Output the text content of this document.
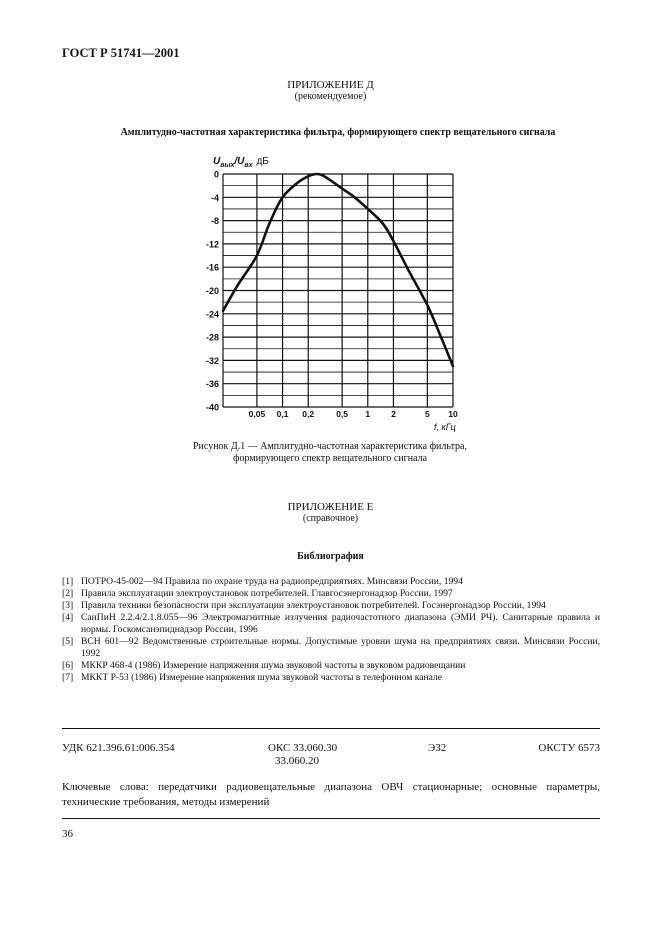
ГОСТ Р 51741—2001
ПРИЛОЖЕНИЕ Д
(рекомендуемое)
Амплитудно-частотная характеристика фильтра, формирующего спектр вещательного сигнала
$U_{вых}/U_{вх}$ дБ
0
-4
-8
-12
-16
-20
-24
-28
-32
-36
-40
0,05 0,1 0,2	0,5 1 2	5 10
f, кГц
Рисунок Д.1 — Амплитудно-частотная характеристика фильтра,
формирующего спектр вещательного сигнала
ПРИЛОЖЕНИЕ Е
(справочное)
Библиография
[1] ПОТРО-45-002—94 Правила по охране труда на радиопредприятиях. Минсвязи России, 1994
[2] Правила эксплуатации электроустановок потребителей. Главгосэнергонадзор России, 1997
[3] Правила техники безопасности при эксплуатации электроустановок потребителей. Госэнергонадзор России, 1994
[4] СанПиН 2.2.4/2.1.8.055—96 Электромагнитные излучения радиочастотного диапазона (ЭМИ РЧ). Санитарные правила и нормы. Госкомсанэпиднадзор России, 1996
[5] ВСН 601—92 Ведомственные строительные нормы. Допустимые уровни шума на предприятиях связи. Минсвязи России, 1992
[6] МККР 468-4 (1986) Измерение напряжения шума звуковой частоты в звуковом радиовещании
[7] МККТ Р-53 (1986) Измерение напряжения шума звуковой частоты в телефонном канале
УДК 621.396.61:006.354	ОКС 33.060.30
33.060.20
Э32	ОКСТУ 6573
Ключевые слова: передатчики радиовещательные диапазона ОВЧ стационарные; основные параметры, технические требования, методы измерений
36
